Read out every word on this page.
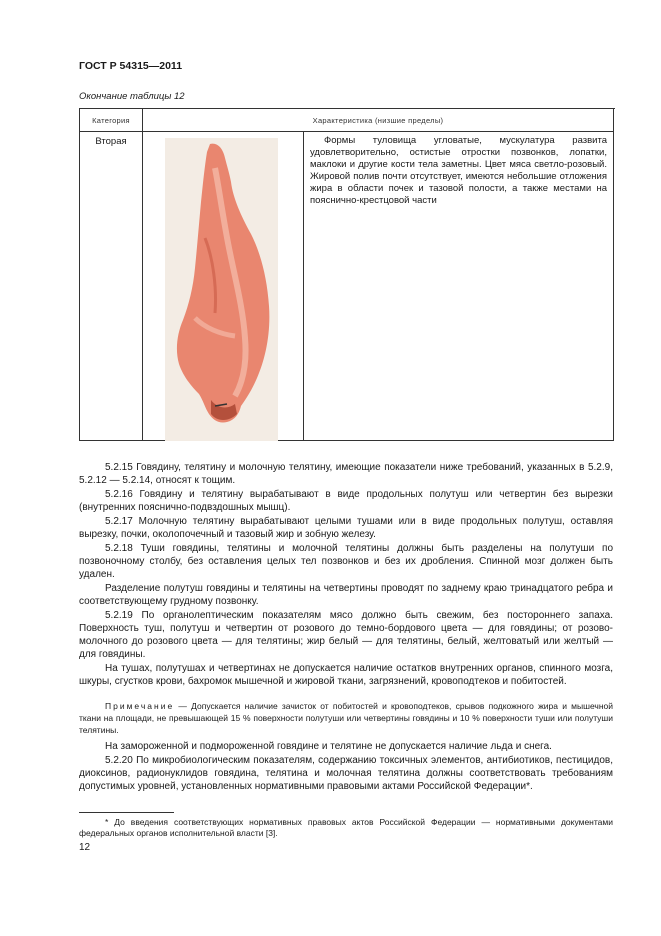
ГОСТ Р 54315—2011
Окончание таблицы 12
Категория	Характеристика (низшие пределы)
Вторая	Формы туловища угловатые, мускулатура развита удовлетворительно, остистые отростки позвонков, лопатки, маклоки и другие кости тела заметны. Цвет мяса светло-розовый. Жировой полив почти отсутствует, имеются небольшие отложения жира в области почек и тазовой полости, а также местами на пояснично-крестцовой части

5.2.15 Говядину, телятину и молочную телятину, имеющие показатели ниже требований, указанных в 5.2.9, 5.2.12 — 5.2.14, относят к тощим.

5.2.16 Говядину и телятину вырабатывают в виде продольных полутуш или четвертин без вырезки (внутренних пояснично-подвздошных мышц).

5.2.17 Молочную телятину вырабатывают целыми тушами или в виде продольных полутуш, оставляя вырезку, почки, околопочечный и тазовый жир и зобную железу.

5.2.18 Туши говядины, телятины и молочной телятины должны быть разделены на полутуши по позвоночному столбу, без оставления целых тел позвонков и без их дробления. Спинной мозг должен быть удален.

Разделение полутуш говядины и телятины на четвертины проводят по заднему краю тринадцатого ребра и соответствующему грудному позвонку.

5.2.19 По органолептическим показателям мясо должно быть свежим, без постороннего запаха. Поверхность туш, полутуш и четвертин от розового до темно-бордового цвета — для говядины; от розово-молочного до розового цвета — для телятины; жир белый — для телятины, белый, желтоватый или желтый — для говядины.

На тушах, полутушах и четвертинах не допускается наличие остатков внутренних органов, спинного мозга, шкуры, сгустков крови, бахромок мышечной и жировой ткани, загрязнений, кровоподтеков и побитостей.

Примечание — Допускается наличие зачисток от побитостей и кровоподтеков, срывов подкожного жира и мышечной ткани на площади, не превышающей 15 % поверхности полутуши или четвертины говядины и 10 % поверхности туши или полутуши телятины.

На замороженной и подмороженной говядине и телятине не допускается наличие льда и снега.

5.2.20 По микробиологическим показателям, содержанию токсичных элементов, антибиотиков, пестицидов, диоксинов, радионуклидов говядина, телятина и молочная телятина должны соответствовать требованиям допустимых уровней, установленных нормативными правовыми актами Российской Федерации*.

* До введения соответствующих нормативных правовых актов Российской Федерации — нормативными документами федеральных органов исполнительной власти [3].

12
